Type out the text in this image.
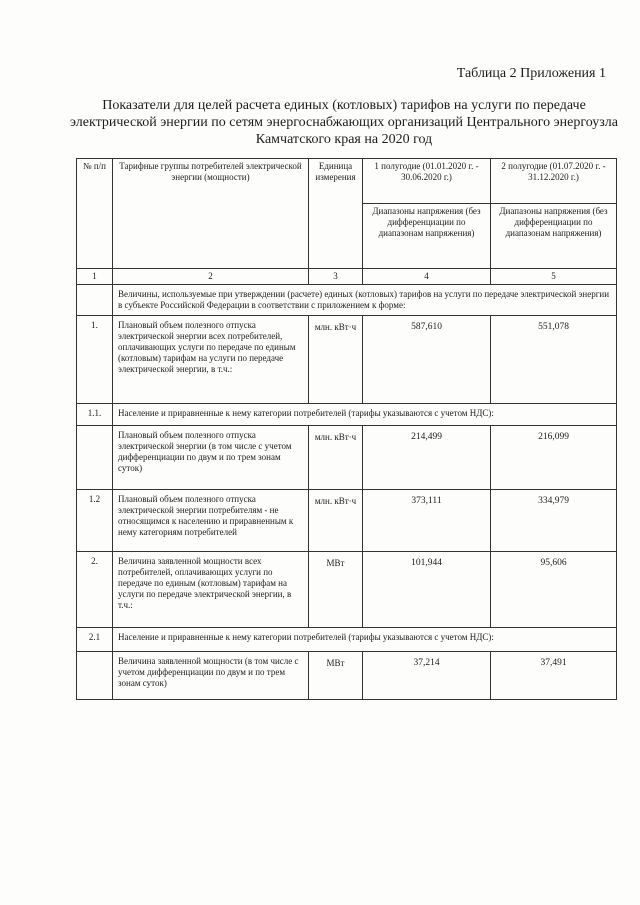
Таблица 2 Приложения 1
Показатели для целей расчета единых (котловых) тарифов на услуги по передаче электрической энергии по сетям энергоснабжающих организаций Центрального энергоузла Камчатского края на 2020 год
№ п/п	Тарифные группы потребителей электрической энергии (мощности)	Единица измерения	1 полугодие (01.01.2020 г. - 30.06.2020 г.)	2 полугодие (01.07.2020 г. - 31.12.2020 г.)
			Диапазоны напряжения (без дифференциации по диапазонам напряжения)	Диапазоны напряжения (без дифференциации по диапазонам напряжения)
1	2	3	4	5
	Величины, используемые при утверждении (расчете) единых (котловых) тарифов на услуги по передаче электрической энергии в субъекте Российской Федерации в соответствии с приложением к форме:			
1.	Плановый объем полезного отпуска электрической энергии всех потребителей, оплачивающих услуги по передаче по единым (котловым) тарифам на услуги по передаче электрической энергии, в т.ч.:	млн. кВт·ч	587,610	551,078
1.1.	Население и приравненные к нему категории потребителей (тарифы указываются с учетом НДС):			
	Плановый объем полезного отпуска электрической энергии (в том числе с учетом дифференциации по двум и по трем зонам суток)	млн. кВт·ч	214,499	216,099
1.2	Плановый объем полезного отпуска электрической энергии потребителям - не относящимся к населению и приравненным к нему категориям потребителей	млн. кВт·ч	373,111	334,979
2.	Величина заявленной мощности всех потребителей, оплачивающих услуги по передаче по единым (котловым) тарифам на услуги по передаче электрической энергии, в т.ч.:	МВт	101,944	95,606
2.1	Население и приравненные к нему категории потребителей (тарифы указываются с учетом НДС):			
	Величина заявленной мощности (в том числе с учетом дифференциации по двум и по трем зонам суток)	МВт	37,214	37,491
